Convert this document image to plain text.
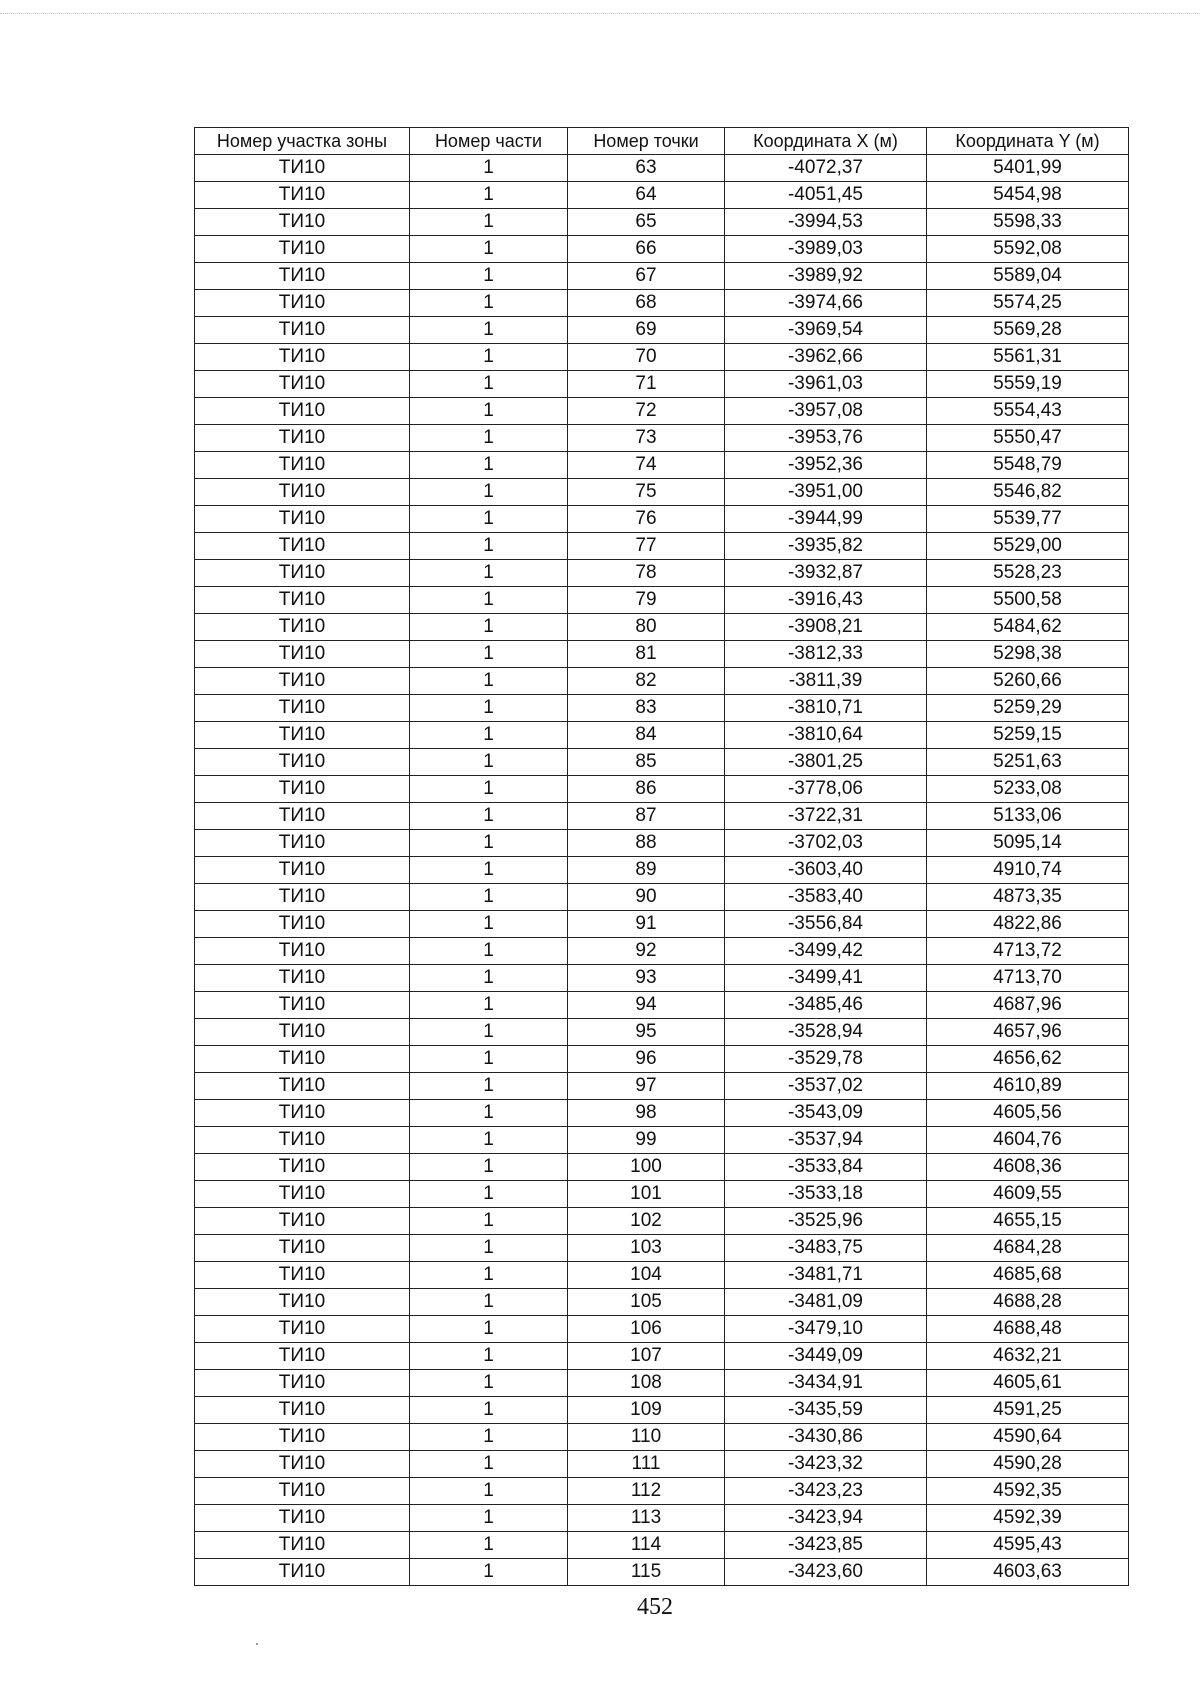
Номер участка зоны	Номер части	Номер точки	Координата X (м)	Координата Y (м)
ТИ10	1	63	-4072,37	5401,99
ТИ10	1	64	-4051,45	5454,98
ТИ10	1	65	-3994,53	5598,33
ТИ10	1	66	-3989,03	5592,08
ТИ10	1	67	-3989,92	5589,04
ТИ10	1	68	-3974,66	5574,25
ТИ10	1	69	-3969,54	5569,28
ТИ10	1	70	-3962,66	5561,31
ТИ10	1	71	-3961,03	5559,19
ТИ10	1	72	-3957,08	5554,43
ТИ10	1	73	-3953,76	5550,47
ТИ10	1	74	-3952,36	5548,79
ТИ10	1	75	-3951,00	5546,82
ТИ10	1	76	-3944,99	5539,77
ТИ10	1	77	-3935,82	5529,00
ТИ10	1	78	-3932,87	5528,23
ТИ10	1	79	-3916,43	5500,58
ТИ10	1	80	-3908,21	5484,62
ТИ10	1	81	-3812,33	5298,38
ТИ10	1	82	-3811,39	5260,66
ТИ10	1	83	-3810,71	5259,29
ТИ10	1	84	-3810,64	5259,15
ТИ10	1	85	-3801,25	5251,63
ТИ10	1	86	-3778,06	5233,08
ТИ10	1	87	-3722,31	5133,06
ТИ10	1	88	-3702,03	5095,14
ТИ10	1	89	-3603,40	4910,74
ТИ10	1	90	-3583,40	4873,35
ТИ10	1	91	-3556,84	4822,86
ТИ10	1	92	-3499,42	4713,72
ТИ10	1	93	-3499,41	4713,70
ТИ10	1	94	-3485,46	4687,96
ТИ10	1	95	-3528,94	4657,96
ТИ10	1	96	-3529,78	4656,62
ТИ10	1	97	-3537,02	4610,89
ТИ10	1	98	-3543,09	4605,56
ТИ10	1	99	-3537,94	4604,76
ТИ10	1	100	-3533,84	4608,36
ТИ10	1	101	-3533,18	4609,55
ТИ10	1	102	-3525,96	4655,15
ТИ10	1	103	-3483,75	4684,28
ТИ10	1	104	-3481,71	4685,68
ТИ10	1	105	-3481,09	4688,28
ТИ10	1	106	-3479,10	4688,48
ТИ10	1	107	-3449,09	4632,21
ТИ10	1	108	-3434,91	4605,61
ТИ10	1	109	-3435,59	4591,25
ТИ10	1	110	-3430,86	4590,64
ТИ10	1	111	-3423,32	4590,28
ТИ10	1	112	-3423,23	4592,35
ТИ10	1	113	-3423,94	4592,39
ТИ10	1	114	-3423,85	4595,43
ТИ10	1	115	-3423,60	4603,63
452
